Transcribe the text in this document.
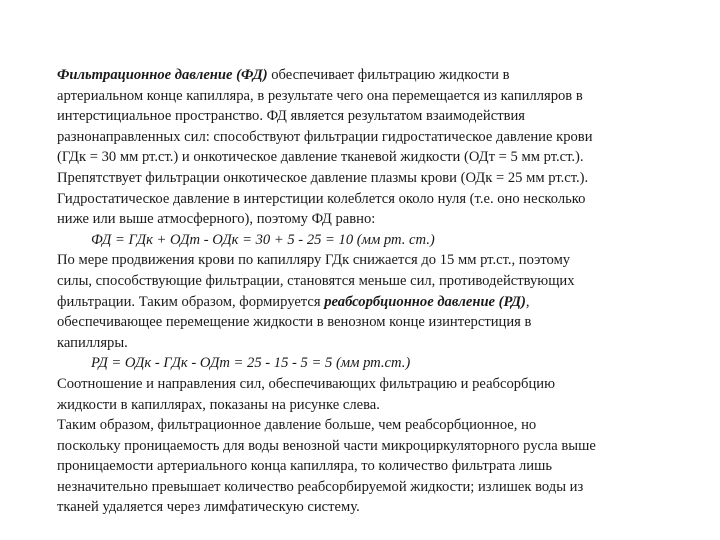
Фильтрационное давление (ФД) обеспечивает фильтрацию жидкости в
артериальном конце капилляра, в результате чего она перемещается из капилляров в
интерстициальное пространство. ФД является результатом взаимодействия
разнонаправленных сил: способствуют фильтрации гидростатическое давление крови
(ГДк = 30 мм рт.ст.) и онкотическое давление тканевой жидкости (ОДт = 5 мм рт.ст.).
Препятствует фильтрации онкотическое давление плазмы крови (ОДк = 25 мм рт.ст.).
Гидростатическое давление в интерстиции колеблется около нуля (т.е. оно несколько
ниже или выше атмосферного), поэтому ФД равно:
ФД = ГДк + ОДт - ОДк = 30 + 5 - 25 = 10 (мм рт. ст.)
По мере продвижения крови по капилляру ГДк снижается до 15 мм рт.ст., поэтому
силы, способствующие фильтрации, становятся меньше сил, противодействующих
фильтрации. Таким образом, формируется реабсорбционное давление (РД),
обеспечивающее перемещение жидкости в венозном конце изинтерстиция в
капилляры.
РД = ОДк - ГДк - ОДт = 25 - 15 - 5 = 5 (мм рт.ст.)
Соотношение и направления сил, обеспечивающих фильтрацию и реабсорбцию
жидкости в капиллярах, показаны на рисунке слева.
Таким образом, фильтрационное давление больше, чем реабсорбционное, но
поскольку проницаемость для воды венозной части микроциркуляторного русла выше
проницаемости артериального конца капилляра, то количество фильтрата лишь
незначительно превышает количество реабсорбируемой жидкости; излишек воды из
тканей удаляется через лимфатическую систему.
